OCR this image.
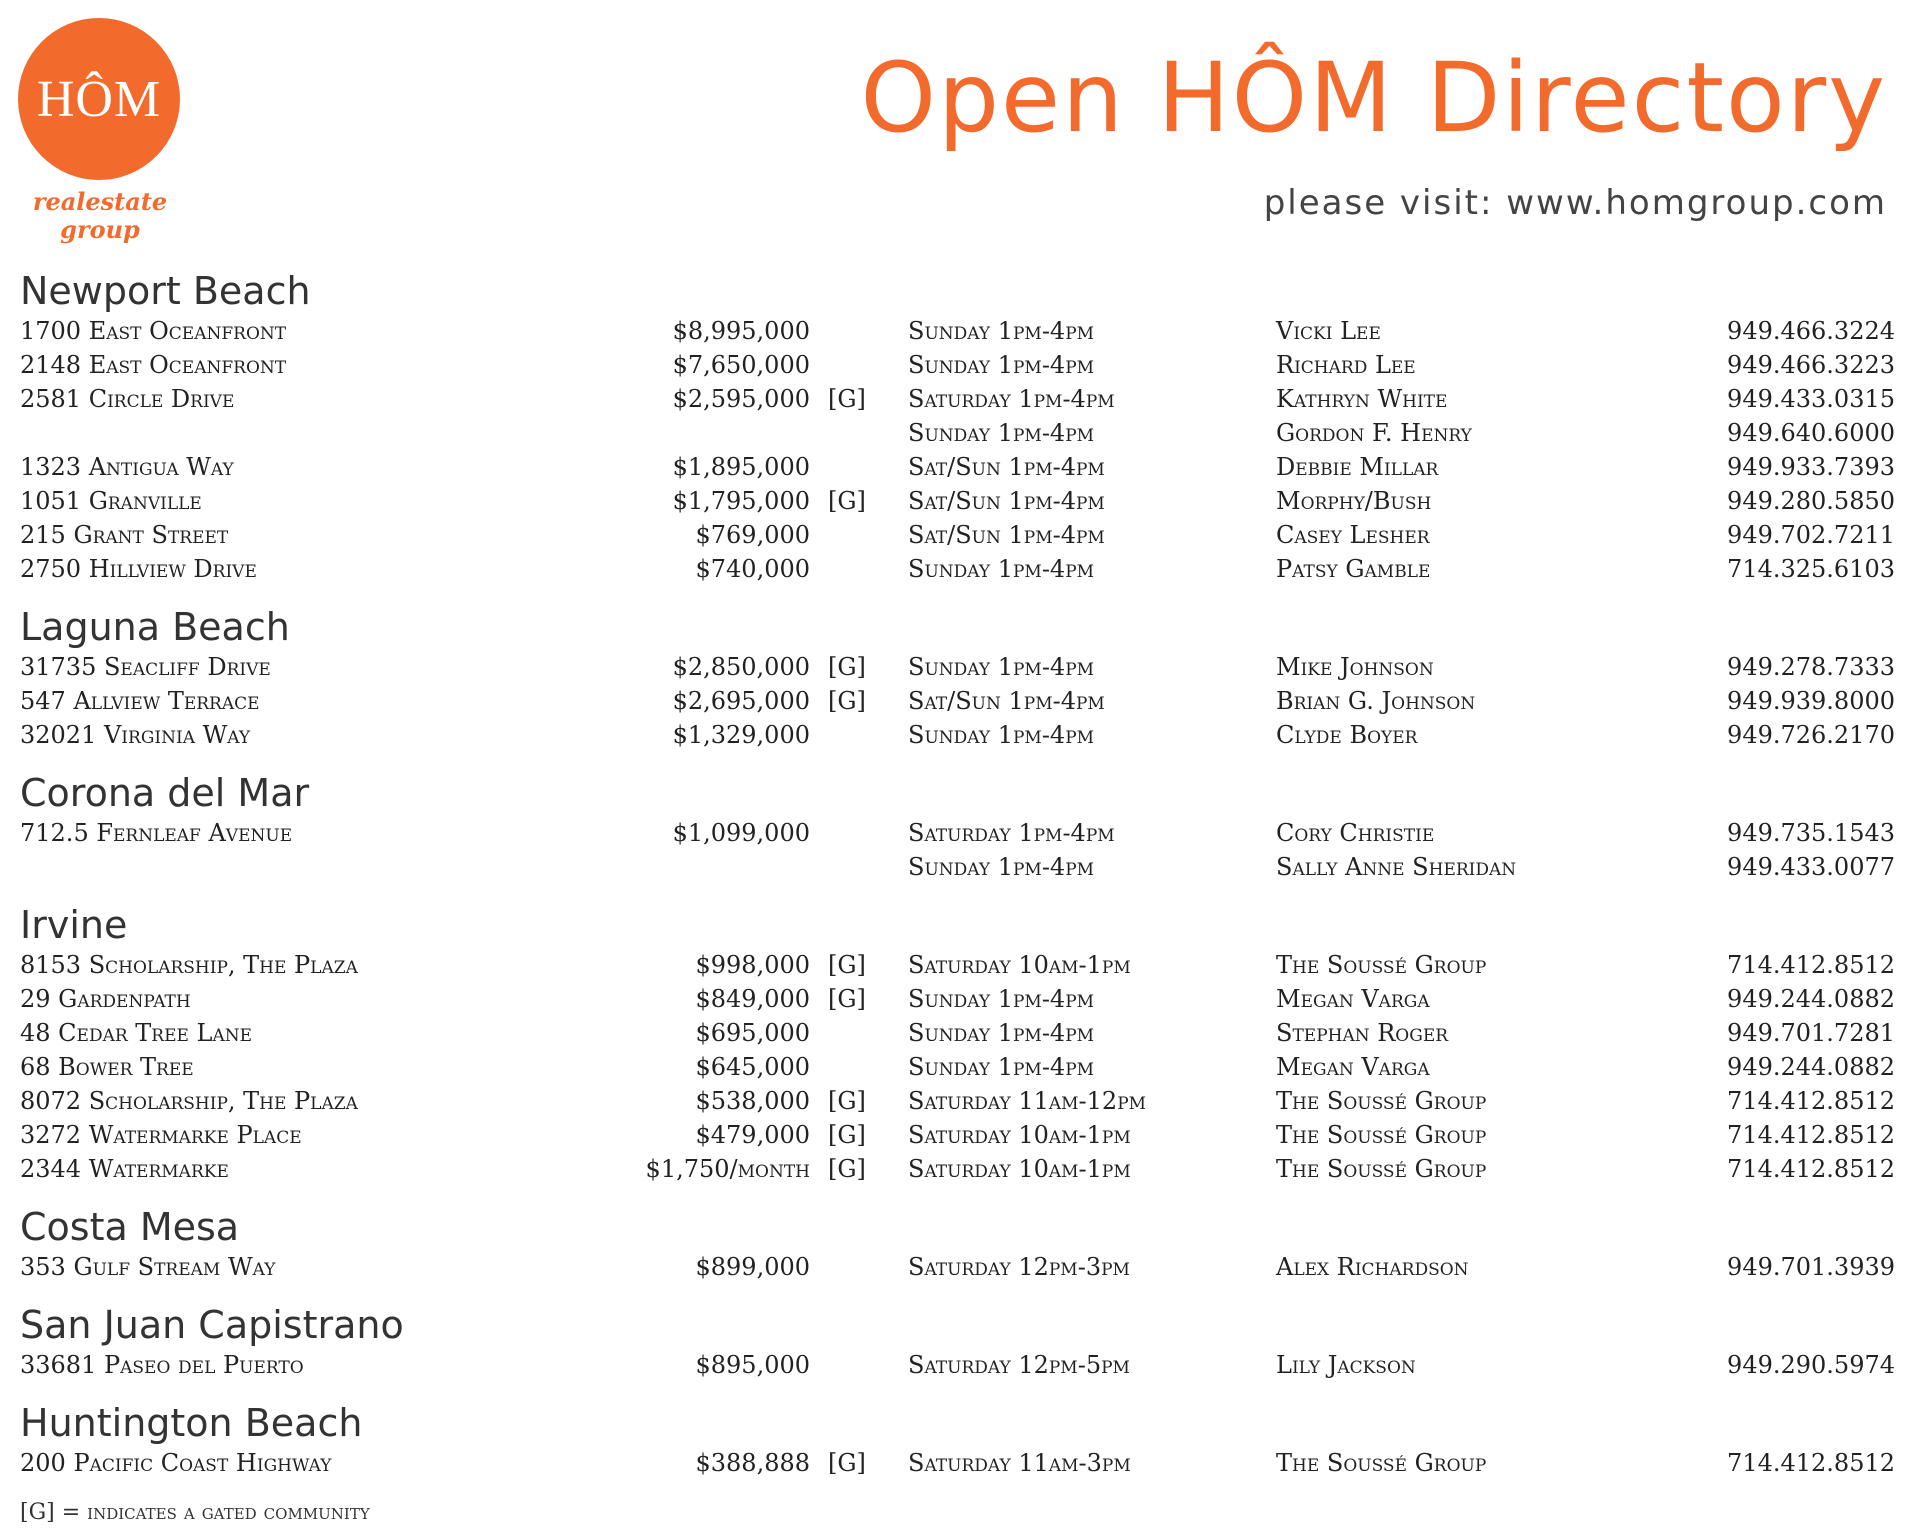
HÔM
realestate
group
Open HÔM Directory
please visit: www.homgroup.com
Newport Beach
1700 East Oceanfront	$8,995,000	Sunday 1pm-4pm	Vicki Lee	949.466.3224
2148 East Oceanfront	$7,650,000	Sunday 1pm-4pm	Richard Lee	949.466.3223
2581 Circle Drive	$2,595,000 [G] Saturday 1pm-4pm	Kathryn White	949.433.0315
Sunday 1pm-4pm	Gordon F. Henry	949.640.6000
1323 Antigua Way	$1,895,000	Sat/Sun 1pm-4pm	Debbie Millar	949.933.7393
1051 Granville	$1,795,000 [G] Sat/Sun 1pm-4pm	Morphy/Bush	949.280.5850
215 Grant Street	$769,000	Sat/Sun 1pm-4pm	Casey Lesher	949.702.7211
2750 Hillview Drive	$740,000	Sunday 1pm-4pm	Patsy Gamble	714.325.6103
Laguna Beach
31735 Seacliff Drive	$2,850,000 [G] Sunday 1pm-4pm	Mike Johnson	949.278.7333
547 Allview Terrace	$2,695,000 [G] Sat/Sun 1pm-4pm	Brian G. Johnson	949.939.8000
32021 Virginia Way	$1,329,000	Sunday 1pm-4pm	Clyde Boyer	949.726.2170
Corona del Mar
712.5 Fernleaf Avenue	$1,099,000	Saturday 1pm-4pm	Cory Christie	949.735.1543
Sunday 1pm-4pm	Sally Anne Sheridan	949.433.0077
Irvine
8153 Scholarship, The Plaza	$998,000 [G] Saturday 10am-1pm	The Soussé Group	714.412.8512
29 Gardenpath	$849,000 [G] Sunday 1pm-4pm	Megan Varga	949.244.0882
48 Cedar Tree Lane	$695,000	Sunday 1pm-4pm	Stephan Roger	949.701.7281
68 Bower Tree	$645,000	Sunday 1pm-4pm	Megan Varga	949.244.0882
8072 Scholarship, The Plaza	$538,000 [G] Saturday 11am-12pm	The Soussé Group	714.412.8512
3272 Watermarke Place	$479,000 [G] Saturday 10am-1pm	The Soussé Group	714.412.8512
2344 Watermarke	$1,750/month [G] Saturday 10am-1pm	The Soussé Group	714.412.8512
Costa Mesa
353 Gulf Stream Way	$899,000	Saturday 12pm-3pm	Alex Richardson	949.701.3939
San Juan Capistrano
33681 Paseo del Puerto	$895,000	Saturday 12pm-5pm	Lily Jackson	949.290.5974
Huntington Beach
200 Pacific Coast Highway	$388,888 [G] Saturday 11am-3pm	The Soussé Group	714.412.8512
[G] = indicates a gated community
